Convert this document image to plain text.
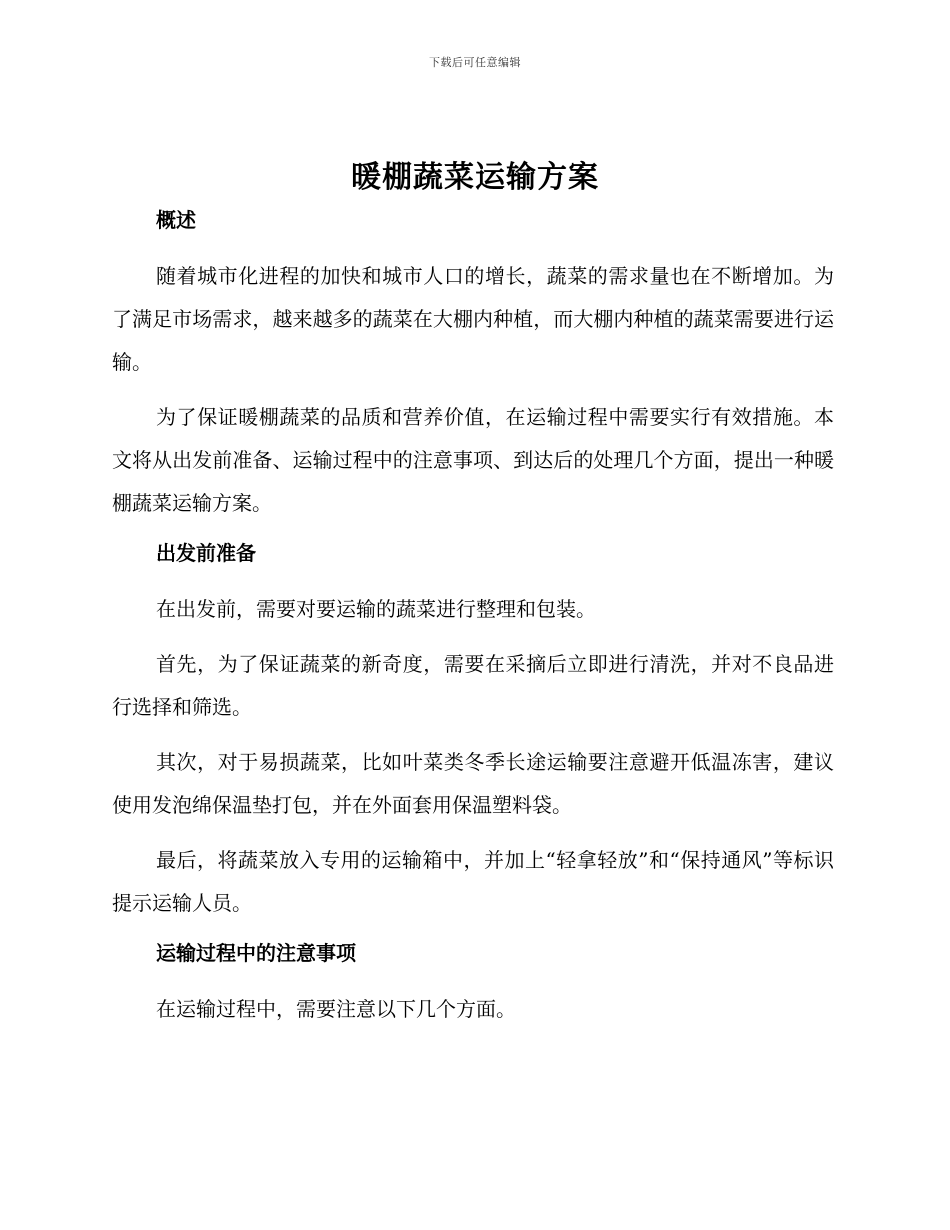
下载后可任意编辑
暖棚蔬菜运输方案
概述

随着城市化进程的加快和城市人口的增长，蔬菜的需求量也在不断增加。为了满足市场需求，越来越多的蔬菜在大棚内种植，而大棚内种植的蔬菜需要进行运输。

为了保证暖棚蔬菜的品质和营养价值，在运输过程中需要实行有效措施。本文将从出发前准备、运输过程中的注意事项、到达后的处理几个方面，提出一种暖棚蔬菜运输方案。

出发前准备

在出发前，需要对要运输的蔬菜进行整理和包装。

首先，为了保证蔬菜的新奇度，需要在采摘后立即进行清洗，并对不良品进行选择和筛选。

其次，对于易损蔬菜，比如叶菜类冬季长途运输要注意避开低温冻害，建议使用发泡绵保温垫打包，并在外面套用保温塑料袋。

最后，将蔬菜放入专用的运输箱中，并加上“轻拿轻放”和“保持通风”等标识提示运输人员。

运输过程中的注意事项

在运输过程中，需要注意以下几个方面。
